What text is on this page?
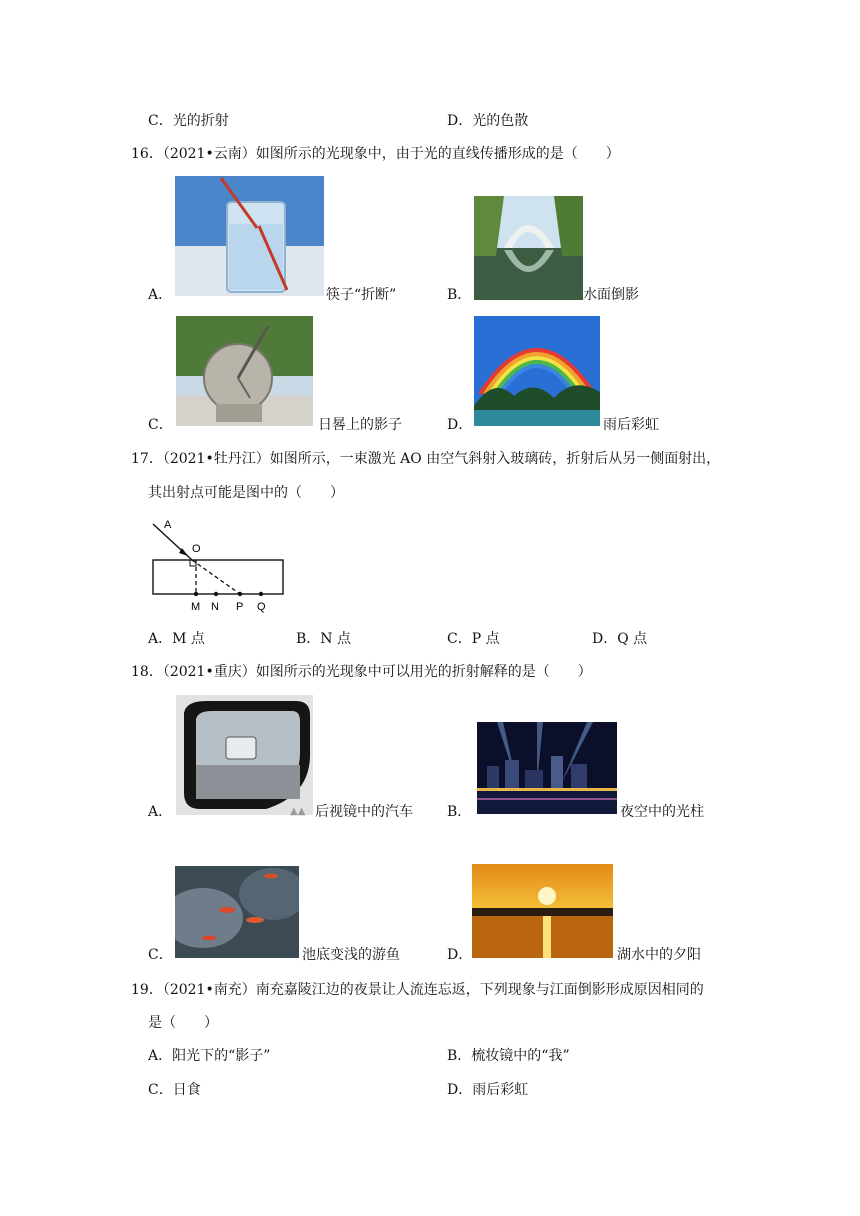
C．光的折射	D．光的色散
16．（2021•云南）如图所示的光现象中，由于光的直线传播形成的是（　　）
A．	筷子“折断”	B．	水面倒影
C．	日晷上的影子	D．	雨后彩虹
17．（2021•牡丹江）如图所示，一束激光 AO 由空气斜射入玻璃砖，折射后从另一侧面射出，
其出射点可能是图中的（　　）
A
O
M N P Q
A．M 点	B．N 点	C．P 点	D．Q 点
18．（2021•重庆）如图所示的光现象中可以用光的折射解释的是（　　）
A．	▲▲ 后视镜中的汽车 B．	夜空中的光柱
C．	池底变浅的游鱼	D．	湖水中的夕阳
19．（2021•南充）南充嘉陵江边的夜景让人流连忘返，下列现象与江面倒影形成原因相同的
是（　　）
A．阳光下的“影子”	B．梳妆镜中的“我”
C．日食	D．雨后彩虹
